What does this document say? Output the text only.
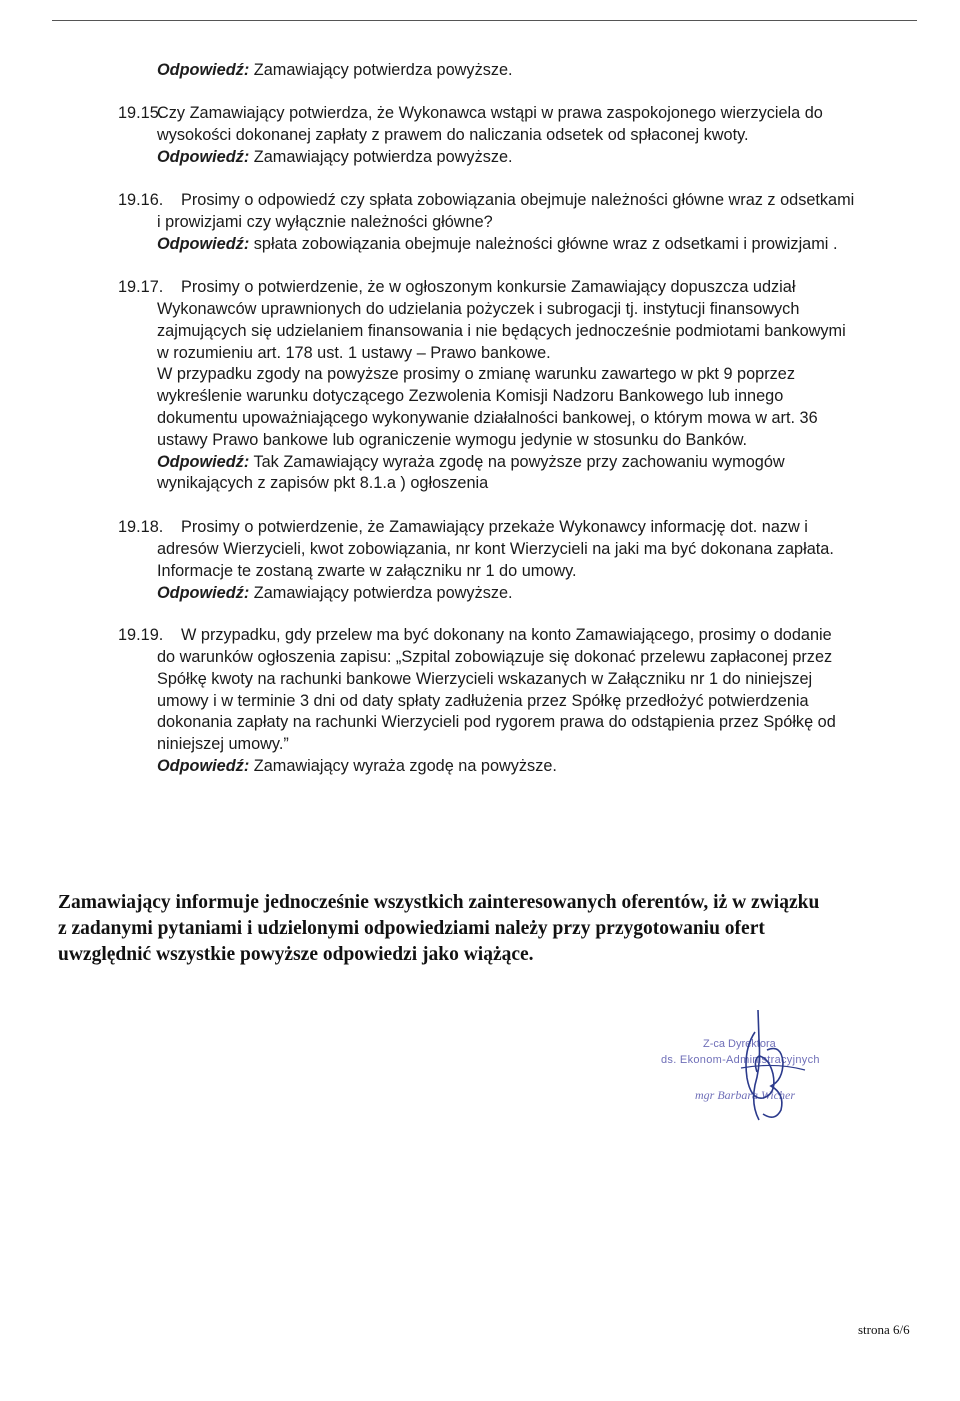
Odpowiedź: Zamawiający potwierdza powyższe.

19.15.

Czy Zamawiający potwierdza, że Wykonawca wstąpi w prawa zaspokojonego wierzyciela do
wysokości dokonanej zapłaty z prawem do naliczania odsetek od spłaconej kwoty.
Odpowiedź: Zamawiający potwierdza powyższe.

19.16. Prosimy o odpowiedź czy spłata zobowiązania obejmuje należności główne wraz z odsetkami
i prowizjami czy wyłącznie należności główne?
Odpowiedź: spłata zobowiązania obejmuje należności główne wraz z odsetkami i prowizjami .

19.17. Prosimy o potwierdzenie, że w ogłoszonym konkursie Zamawiający dopuszcza udział
Wykonawców uprawnionych do udzielania pożyczek i subrogacji tj. instytucji finansowych
zajmujących się udzielaniem finansowania i nie będących jednocześnie podmiotami bankowymi
w rozumieniu art. 178 ust. 1 ustawy – Prawo bankowe.
W przypadku zgody na powyższe prosimy o zmianę warunku zawartego w pkt 9 poprzez
wykreślenie warunku dotyczącego Zezwolenia Komisji Nadzoru Bankowego lub innego
dokumentu upoważniającego wykonywanie działalności bankowej, o którym mowa w art. 36
ustawy Prawo bankowe lub ograniczenie wymogu jedynie w stosunku do Banków.
Odpowiedź: Tak Zamawiający wyraża zgodę na powyższe przy zachowaniu wymogów
wynikających z zapisów pkt 8.1.a ) ogłoszenia

19.18. Prosimy o potwierdzenie, że Zamawiający przekaże Wykonawcy informację dot. nazw i
adresów Wierzycieli, kwot zobowiązania, nr kont Wierzycieli na jaki ma być dokonana zapłata.
Informacje te zostaną zwarte w załączniku nr 1 do umowy.
Odpowiedź: Zamawiający potwierdza powyższe.

19.19. W przypadku, gdy przelew ma być dokonany na konto Zamawiającego, prosimy o dodanie
do warunków ogłoszenia zapisu: „Szpital zobowiązuje się dokonać przelewu zapłaconej przez
Spółkę kwoty na rachunki bankowe Wierzycieli wskazanych w Załączniku nr 1 do niniejszej
umowy i w terminie 3 dni od daty spłaty zadłużenia przez Spółkę przedłożyć potwierdzenia
dokonania zapłaty na rachunki Wierzycieli pod rygorem prawa do odstąpienia przez Spółkę od
niniejszej umowy.”
Odpowiedź: Zamawiający wyraża zgodę na powyższe.
Zamawiający informuje jednocześnie wszystkich zainteresowanych oferentów, iż w związku
z zadanymi pytaniami i udzielonymi odpowiedziami należy przy przygotowaniu ofert
uwzględnić wszystkie powyższe odpowiedzi jako wiążące.
Z-ca Dyrektora
ds. Ekonom-Administracyjnych
mgr Barbara Wicher
strona 6/6
